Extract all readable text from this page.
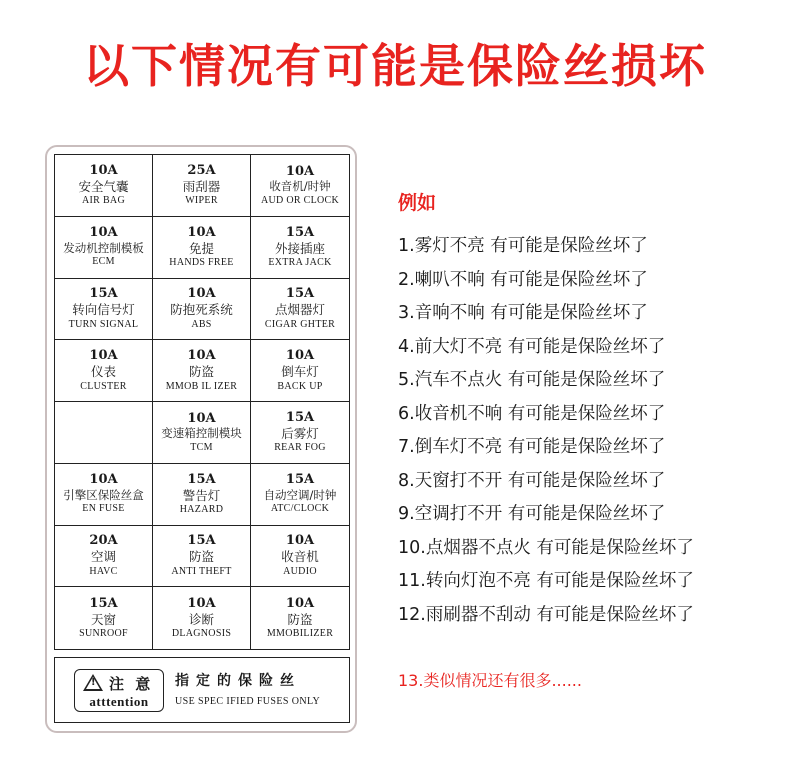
以下情况有可能是保险丝损坏
10A
安全气囊
AIR BAG
25A
雨刮器
WIPER
10A
收音机/时钟
AUD OR CLOCK
10A
发动机控制模板
ECM
10A
免提
HANDS FREE
15A
外接插座
EXTRA JACK
15A
转向信号灯
TURN SIGNAL
10A
防抱死系统
ABS
15A
点烟器灯
CIGAR GHTER
10A
仪表
CLUSTER
10A
防盗
MMOB IL IZER
10A
倒车灯
BACK UP
10A
变速箱控制模块
TCM
15A
后雾灯
REAR FOG
10A
引擎区保险丝盒
EN FUSE
15A
警告灯
HAZARD
15A
自动空调/时钟
ATC/CLOCK
20A
空调
HAVC
15A
防盗
ANTI THEFT
10A
收音机
AUDIO
15A
天窗
SUNROOF
10A
诊断
DLAGNOSIS
10A
防盗
MMOBILIZER
! 注 意
atttention
指定的保险丝
USE SPEC IFIED FUSES ONLY
例如
1.雾灯不亮 有可能是保险丝坏了
2.喇叭不响 有可能是保险丝坏了
3.音响不响 有可能是保险丝坏了
4.前大灯不亮 有可能是保险丝坏了
5.汽车不点火 有可能是保险丝坏了
6.收音机不响 有可能是保险丝坏了
7.倒车灯不亮 有可能是保险丝坏了
8.天窗打不开 有可能是保险丝坏了
9.空调打不开 有可能是保险丝坏了
10.点烟器不点火 有可能是保险丝坏了
11.转向灯泡不亮 有可能是保险丝坏了
12.雨刷器不刮动 有可能是保险丝坏了
13.类似情况还有很多......
